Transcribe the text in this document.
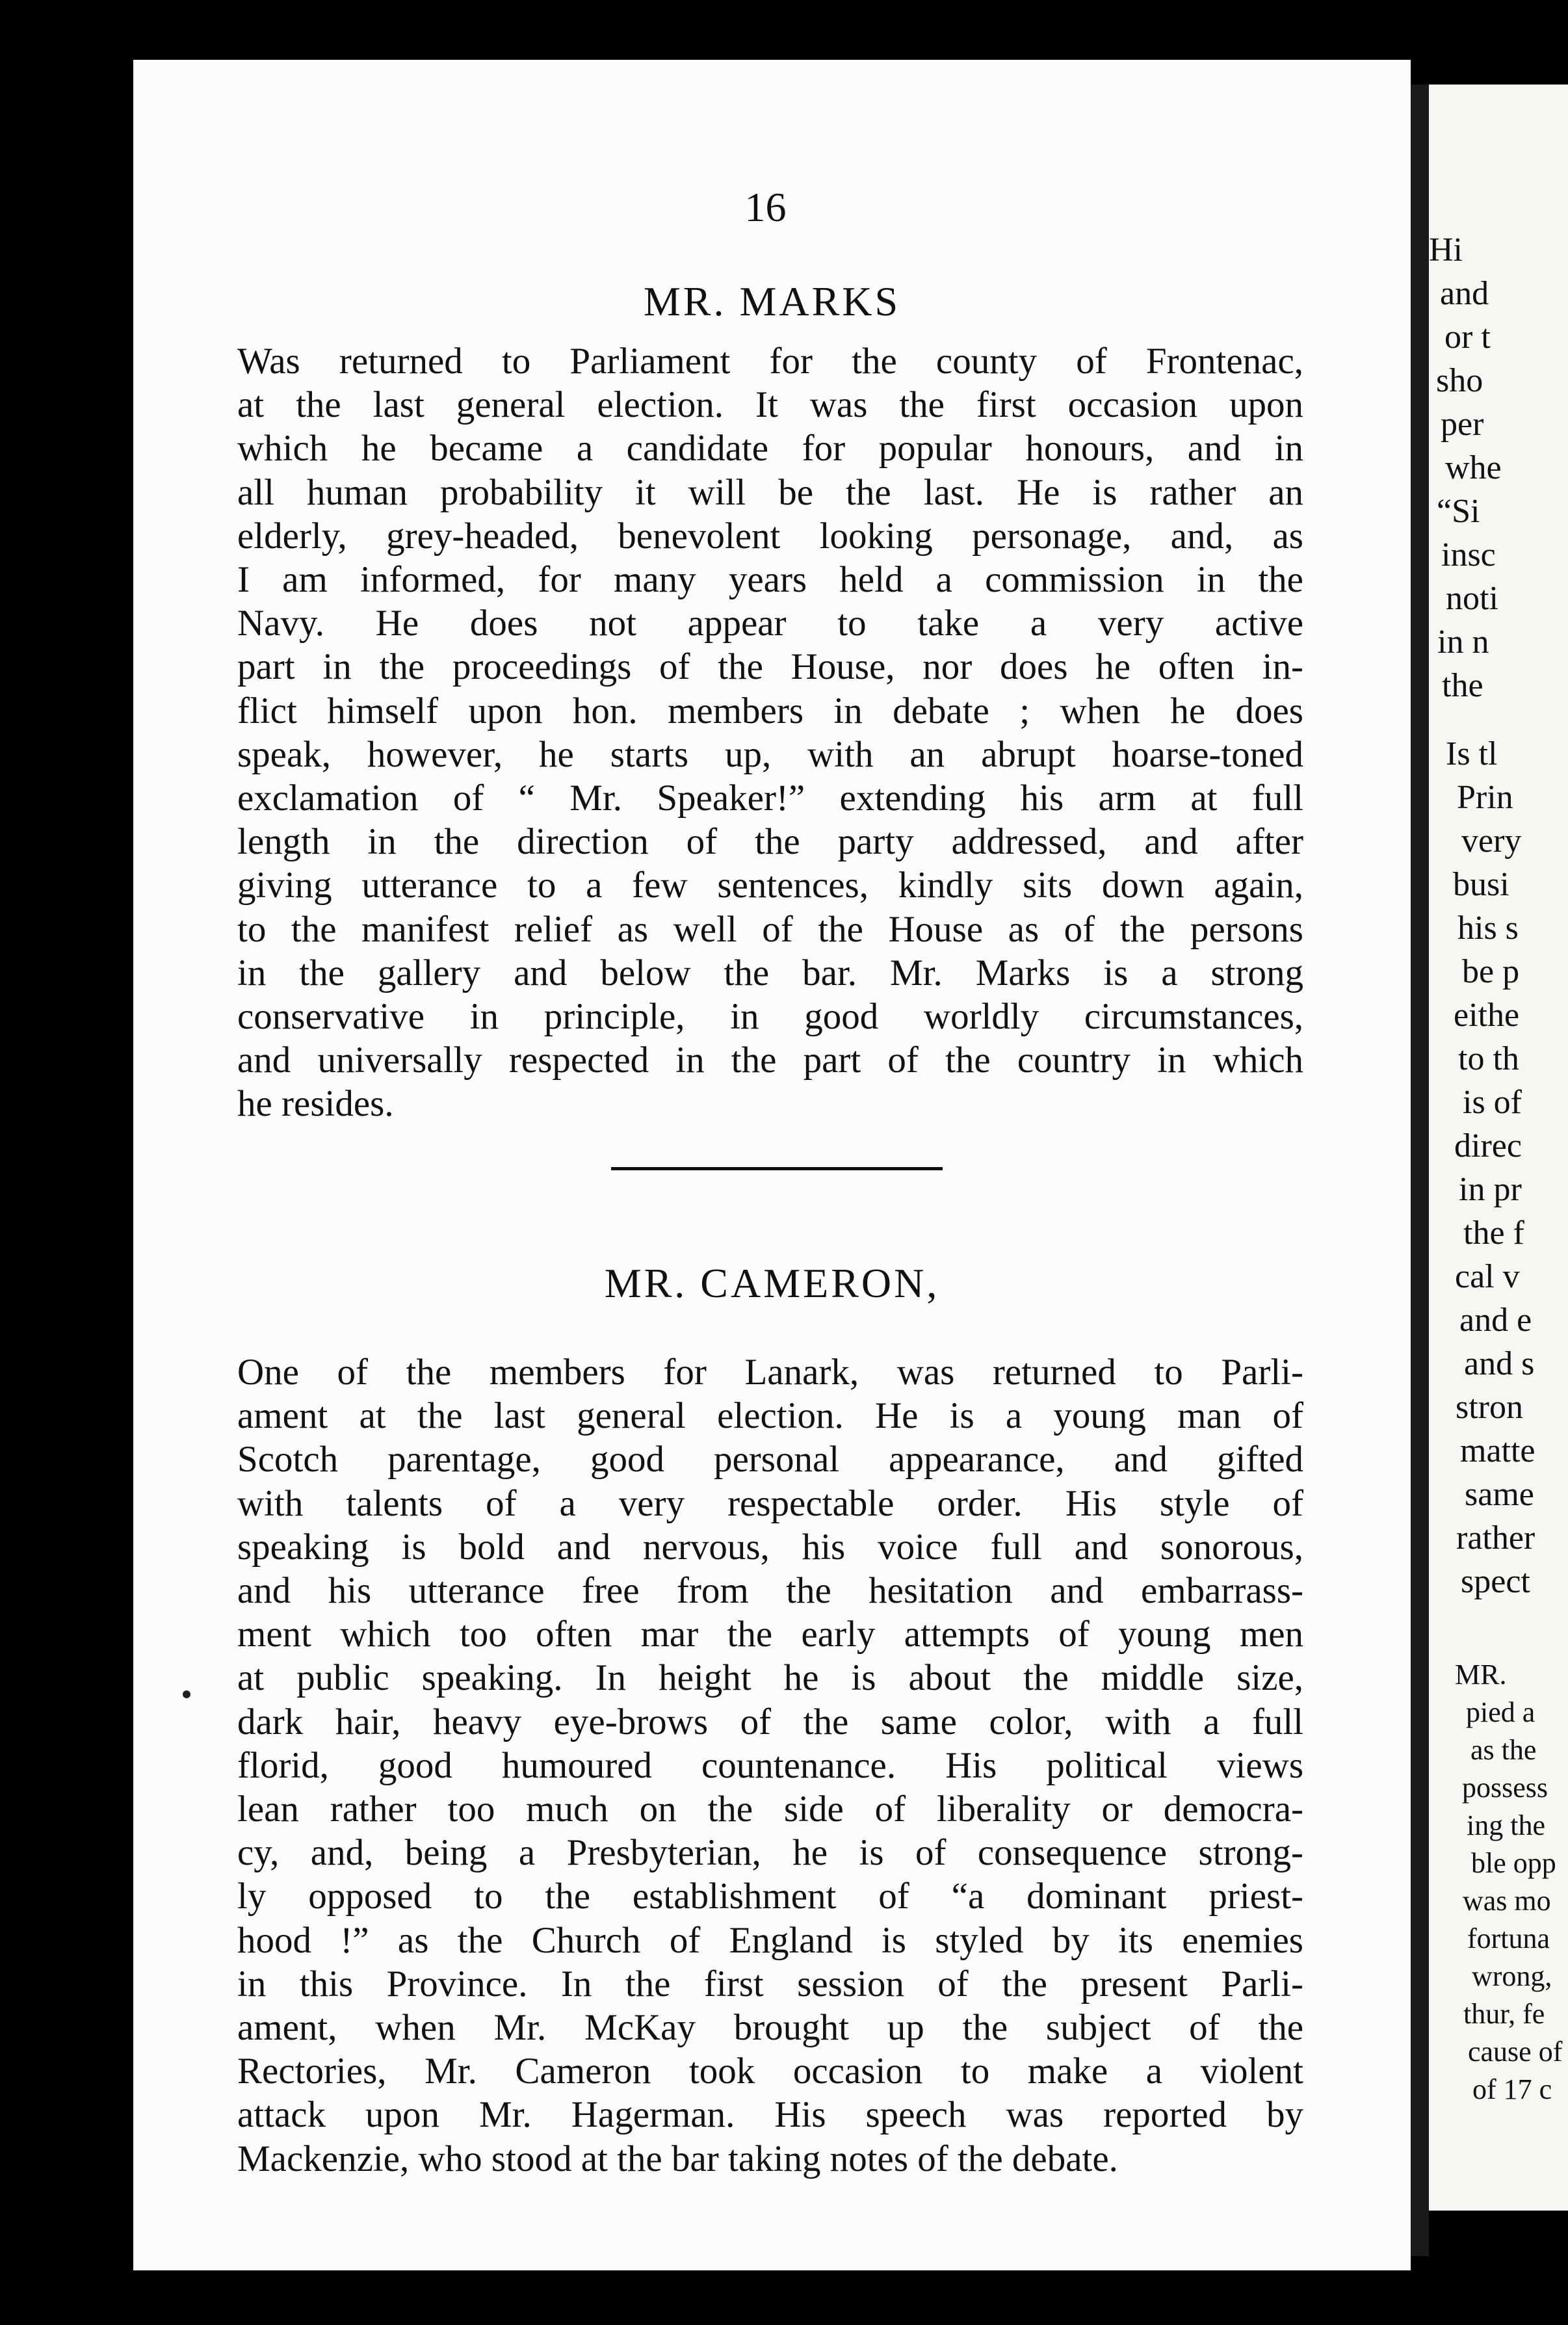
16
MR. MARKS
Was returned to Parliament for the county of Frontenac,
at the last general election. It was the first occasion upon
which he became a candidate for popular honours, and in
all human probability it will be the last. He is rather an
elderly, grey-headed, benevolent looking personage, and, as
I am informed, for many years held a commission in the
Navy. He does not appear to take a very active
part in the proceedings of the House, nor does he often in-
flict himself upon hon. members in debate ; when he does
speak, however, he starts up, with an abrupt hoarse-toned
exclamation of “ Mr. Speaker!” extending his arm at full
length in the direction of the party addressed, and after
giving utterance to a few sentences, kindly sits down again,
to the manifest relief as well of the House as of the persons
in the gallery and below the bar. Mr. Marks is a strong
conservative in principle, in good worldly circumstances,
and universally respected in the part of the country in which
he resides.
MR. CAMERON,
One of the members for Lanark, was returned to Parli-
ament at the last general election. He is a young man of
Scotch parentage, good personal appearance, and gifted
with talents of a very respectable order. His style of
speaking is bold and nervous, his voice full and sonorous,
and his utterance free from the hesitation and embarrass-
ment which too often mar the early attempts of young men
at public speaking. In height he is about the middle size,
dark hair, heavy eye-brows of the same color, with a full
florid, good humoured countenance. His political views
lean rather too much on the side of liberality or democra-
cy, and, being a Presbyterian, he is of consequence strong-
ly opposed to the establishment of “a dominant priest-
hood !” as the Church of England is styled by its enemies
in this Province. In the first session of the present Parli-
ament, when Mr. McKay brought up the subject of the
Rectories, Mr. Cameron took occasion to make a violent
attack upon Mr. Hagerman. His speech was reported by
Mackenzie, who stood at the bar taking notes of the debate.
Hi
and
or t
sho
per
whe
“Si
insc
noti
in n
the
Is tl
Prin
very
busi
his s
be p
eithe
to th
is of
direc
in pr
the f
cal v
and e
and s
stron
matte
same
rather
spect
MR.
pied a
as the
possess
ing the
ble opp
was mo
fortuna
wrong,
thur, fe
cause of
of 17 c
